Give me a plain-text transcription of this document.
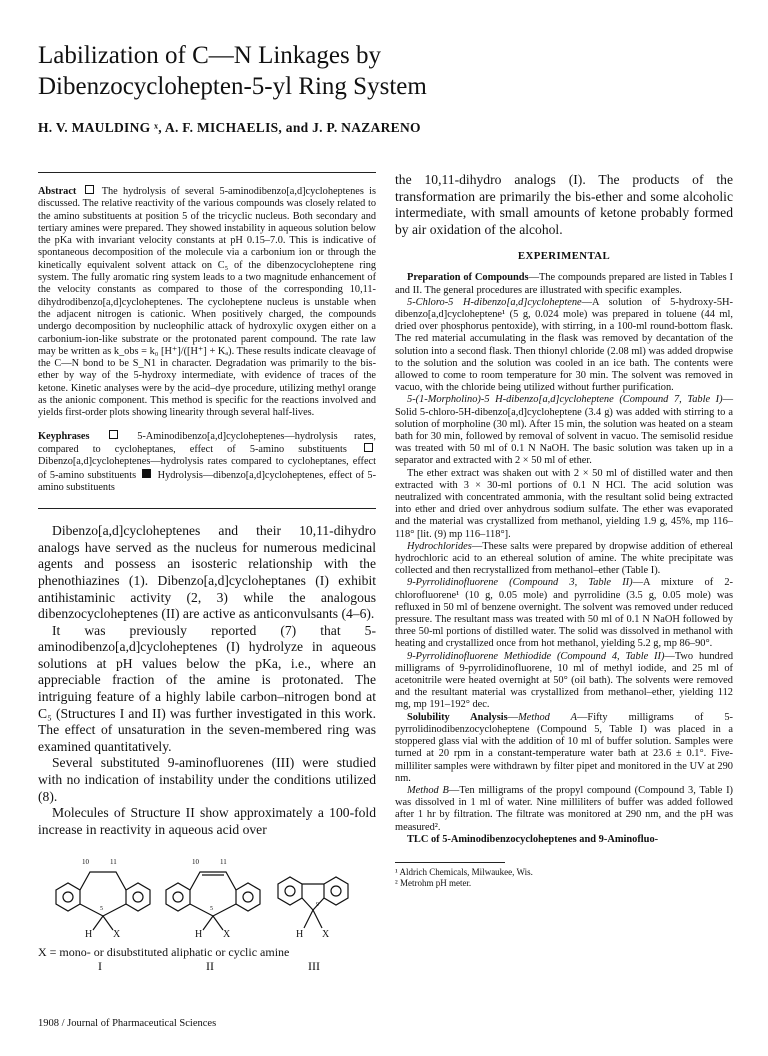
Labilization of C—N Linkages by
Dibenzocyclohepten-5-yl Ring System
H. V. MAULDING ˣ, A. F. MICHAELIS, and J. P. NAZARENO

Abstract The hydrolysis of several 5-aminodibenzo[a,d]cycloheptenes is discussed. The relative reactivity of the various compounds was closely related to the amino substituents at position 5 of the tricyclic nucleus. Both secondary and tertiary amines were prepared. They showed instability in aqueous solution below the pKa with invariant velocity constants at pH 0.15–7.0. This is indicative of spontaneous decomposition of the molecule via a carbonium ion or through the kinetically equivalent solvent attack on C₅ of the dibenzocycloheptene ring system. The fully aromatic ring system leads to a two magnitude enhancement of the velocity constants as compared to those of the corresponding 10,11-dihydrodibenzo[a,d]cycloheptenes. The cycloheptene nucleus is unstable when the adjacent nitrogen is cationic. When positively charged, the compounds undergo decomposition by nucleophilic attack of hydroxylic oxygen either on a carbonium-ion-like substrate or the protonated parent compound. The rate law may be written as k_obs = k₀ [H⁺]/([H⁺] + Kₐ). These results indicate cleavage of the C—N bond to be S_N1 in character. Degradation was primarily to the bis-ether by way of the 5-hydroxy intermediate, with evidence of traces of the ketone. Kinetic analyses were by the acid–dye procedure, utilizing methyl orange as the anionic component. This method is specific for the reactions involved and yields first-order plots showing linearity through several half-lives.

Keyphrases	5-Aminodibenzo[a,d]cycloheptenes—hydrolysis rates, compared to cycloheptanes, effect of 5-amino substituents  Dibenzo[a,d]cycloheptenes—hydrolysis rates compared to cycloheptanes, effect of 5-amino substituents Hydrolysis—dibenzo[a,d]cycloheptenes, effect of 5-amino substituents

Dibenzo[a,d]cycloheptenes and their 10,11-dihydro analogs have served as the nucleus for numerous medicinal agents and possess an isosteric relationship with the phenothiazines (1). Dibenzo[a,d]cycloheptanes (I) exhibit antihistaminic activity (2, 3) while the analogous dibenzocycloheptenes (II) are active as anticonvulsants (4–6).

It was previously reported (7) that 5-aminodibenzo[a,d]cycloheptenes (I) hydrolyze in aqueous solutions at pH values below the pKa, i.e., where an appreciable fraction of the amine is protonated. The intriguing feature of a highly labile carbon–nitrogen bond at C₅ (Structures I and II) was further investigated in this work. The effect of unsaturation in the seven-membered ring was examined quantitatively.

Several substituted 9-aminofluorenes (III) were studied with no indication of instability under the conditions utilized (8).

Molecules of Structure II show approximately a 100-fold increase in reactivity in aqueous acid over

10	11
5
10	11
5
9
H X	H X	H X
X = mono- or disubstituted aliphatic or cyclic amine
I	II	III

the 10,11-dihydro analogs (I). The products of the transformation are primarily the bis-ether and some alcoholic intermediate, with small amounts of ketone probably formed by air oxidation of the alcohol.

EXPERIMENTAL

Preparation of Compounds—The compounds prepared are listed in Tables I and II. The general procedures are illustrated with specific examples.

5-Chloro-5 H-dibenzo[a,d]cycloheptene—A solution of 5-hydroxy-5H-dibenzo[a,d]cycloheptene¹ (5 g, 0.024 mole) was prepared in toluene (44 ml, dried over phosphorus pentoxide), with stirring, in a 100-ml round-bottom flask. The red material accumulating in the flask was removed by decantation of the solution into a second flask. Then thionyl chloride (2.08 ml) was added dropwise to the solution and the solution was cooled in an ice bath. The contents were allowed to come to room temperature for 30 min. The solvent was removed in vacuo, with the chloride being utilized without further purification.

5-(1-Morpholino)-5 H-dibenzo[a,d]cycloheptene (Compound 7, Table I)—Solid 5-chloro-5H-dibenzo[a,d]cycloheptene (3.4 g) was added with stirring to a solution of morpholine (30 ml). After 15 min, the solution was heated on a steam bath for 30 min, followed by removal of solvent in vacuo. The semisolid residue was treated with 50 ml of 0.1 N NaOH. The basic solution was taken up in a separator and extracted with 2 × 50 ml of ether.

The ether extract was shaken out with 2 × 50 ml of distilled water and then extracted with 3 × 30-ml portions of 0.1 N HCl. The acid solution was neutralized with concentrated ammonia, with the resultant solid being extracted into ether and dried over anhydrous sodium sulfate. The ether was evaporated and the material was crystallized from methanol, yielding 1.9 g, 45%, mp 116–118° [lit. (9) mp 116–118°].

Hydrochlorides—These salts were prepared by dropwise addition of ethereal hydrochloric acid to an ethereal solution of amine. The white precipitate was collected and then recrystallized from methanol–ether (Table I).

9-Pyrrolidinofluorene (Compound 3, Table II)—A mixture of 2-chlorofluorene¹ (10 g, 0.05 mole) and pyrrolidine (3.5 g, 0.05 mole) was refluxed in 50 ml of benzene overnight. The solvent was removed under reduced pressure. The resultant mass was treated with 50 ml of 0.1 N NaOH followed by three 50-ml portions of distilled water. The solid was dissolved in methanol with heating and crystallized once from hot methanol, yielding 5.2 g, mp 86–90°.

9-Pyrrolidinofluorene Methiodide (Compound 4, Table II)—Two hundred milligrams of 9-pyrrolidinofluorene, 10 ml of methyl iodide, and 25 ml of acetonitrile were heated overnight at 50° (oil bath). The solvents were removed and the resultant material was crystallized from methanol–ether, yielding 112 mg, mp 191–192° dec.

Solubility Analysis—Method A—Fifty milligrams of 5-pyrrolidinodibenzocycloheptene (Compound 5, Table I) was placed in a stoppered glass vial with the addition of 10 ml of buffer solution. Samples were turned at 20 rpm in a constant-temperature water bath at 23.6 ± 0.1°. Five-milliliter samples were withdrawn by filter pipet and monitored in the UV at 290 nm.

Method B—Ten milligrams of the propyl compound (Compound 3, Table I) was dissolved in 1 ml of water. Nine milliliters of buffer was added followed after 1 hr by filtration. The filtrate was monitored at 290 nm, and the pH was measured².

TLC of 5-Aminodibenzocycloheptenes and 9-Aminofluo-

¹ Aldrich Chemicals, Milwaukee, Wis.
² Metrohm pH meter.
1908 / Journal of Pharmaceutical Sciences
